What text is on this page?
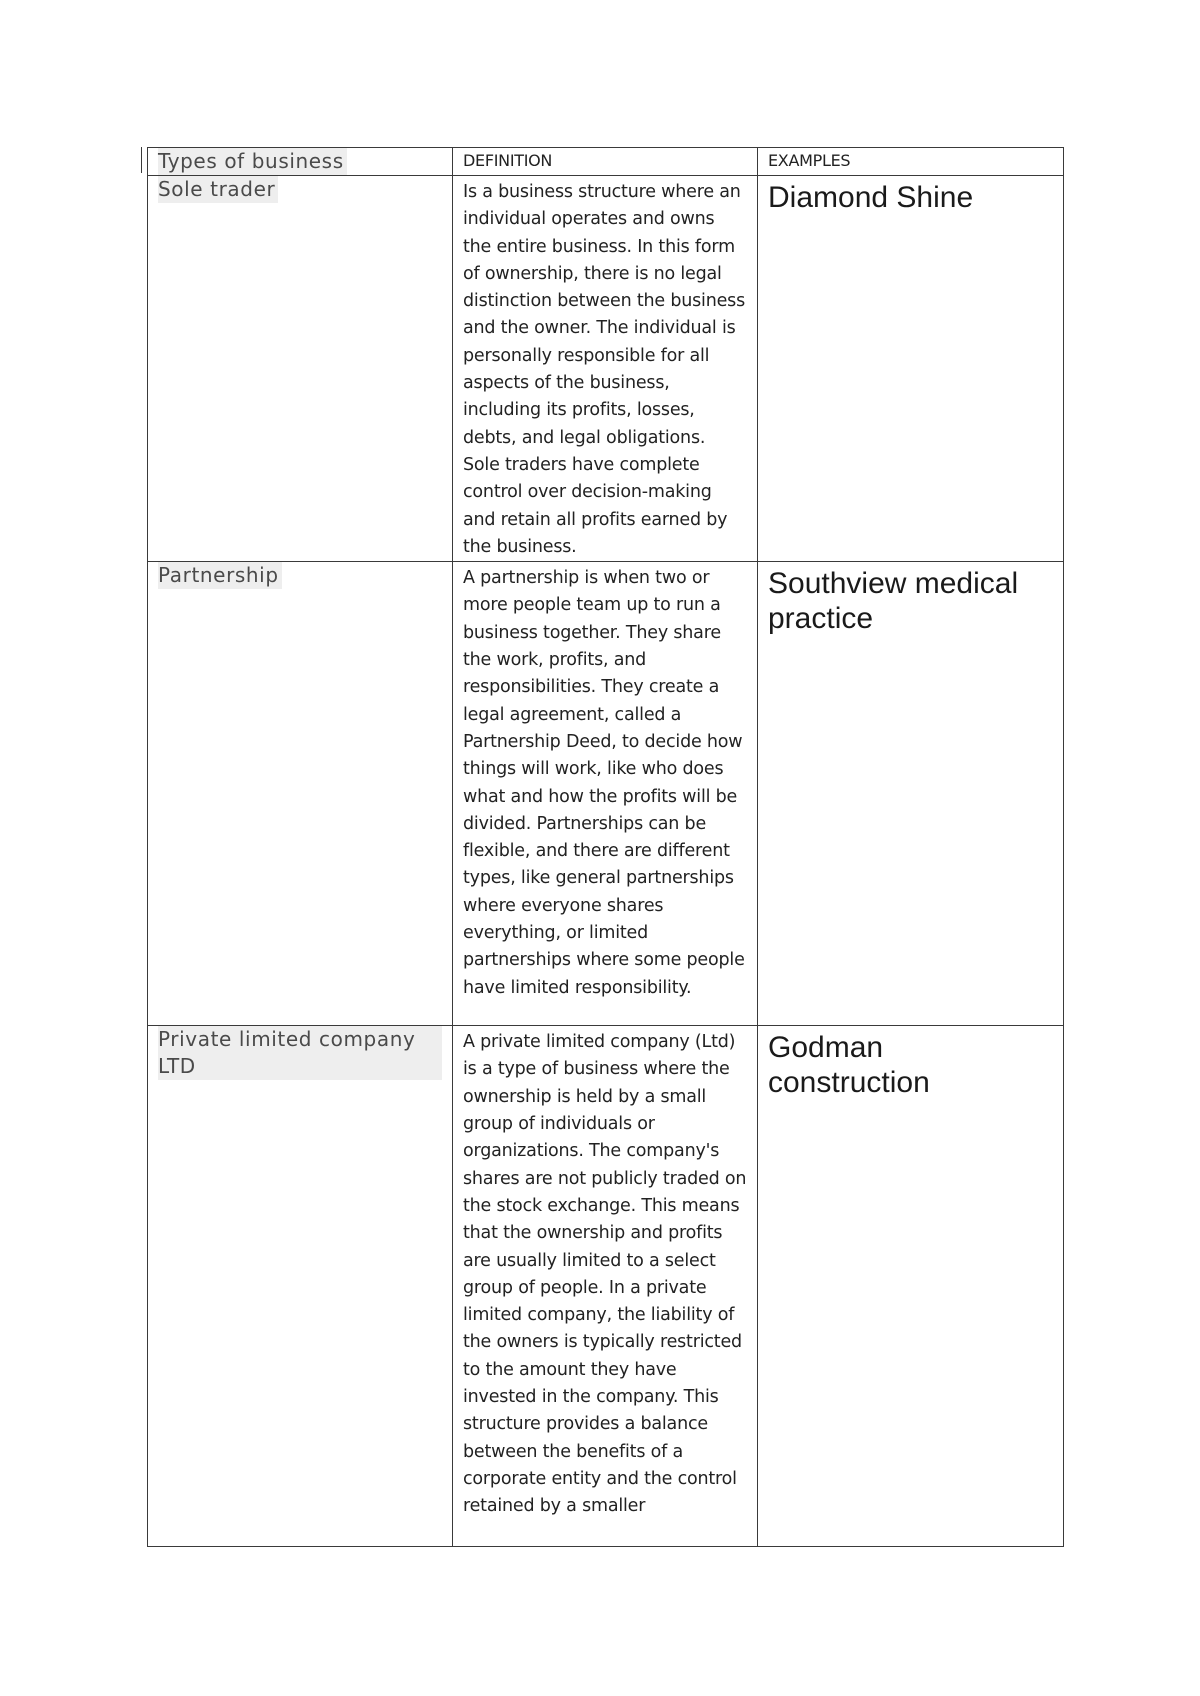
Types of business	DEFINITION	EXAMPLES

Sole trader	Is a business structure where an individual operates and owns the entire business. In this form of ownership, there is no legal distinction between the business and the owner. The individual is personally responsible for all aspects of the business, including its profits, losses, debts, and legal obligations. Sole traders have complete control over decision-making and retain all profits earned by the business.	Diamond Shine

Partnership	A partnership is when two or more people team up to run a business together. They share the work, profits, and responsibilities. They create a legal agreement, called a Partnership Deed, to decide how things will work, like who does what and how the profits will be divided. Partnerships can be flexible, and there are different types, like general partnerships where everyone shares everything, or limited partnerships where some people have limited responsibility.	Southview medical practice

Private limited company LTD	A private limited company (Ltd) is a type of business where the ownership is held by a small group of individuals or organizations. The company's shares are not publicly traded on the stock exchange. This means that the ownership and profits are usually limited to a select group of people. In a private limited company, the liability of the owners is typically restricted to the amount they have invested in the company. This structure provides a balance between the benefits of a corporate entity and the control retained by a smaller	Godman construction
